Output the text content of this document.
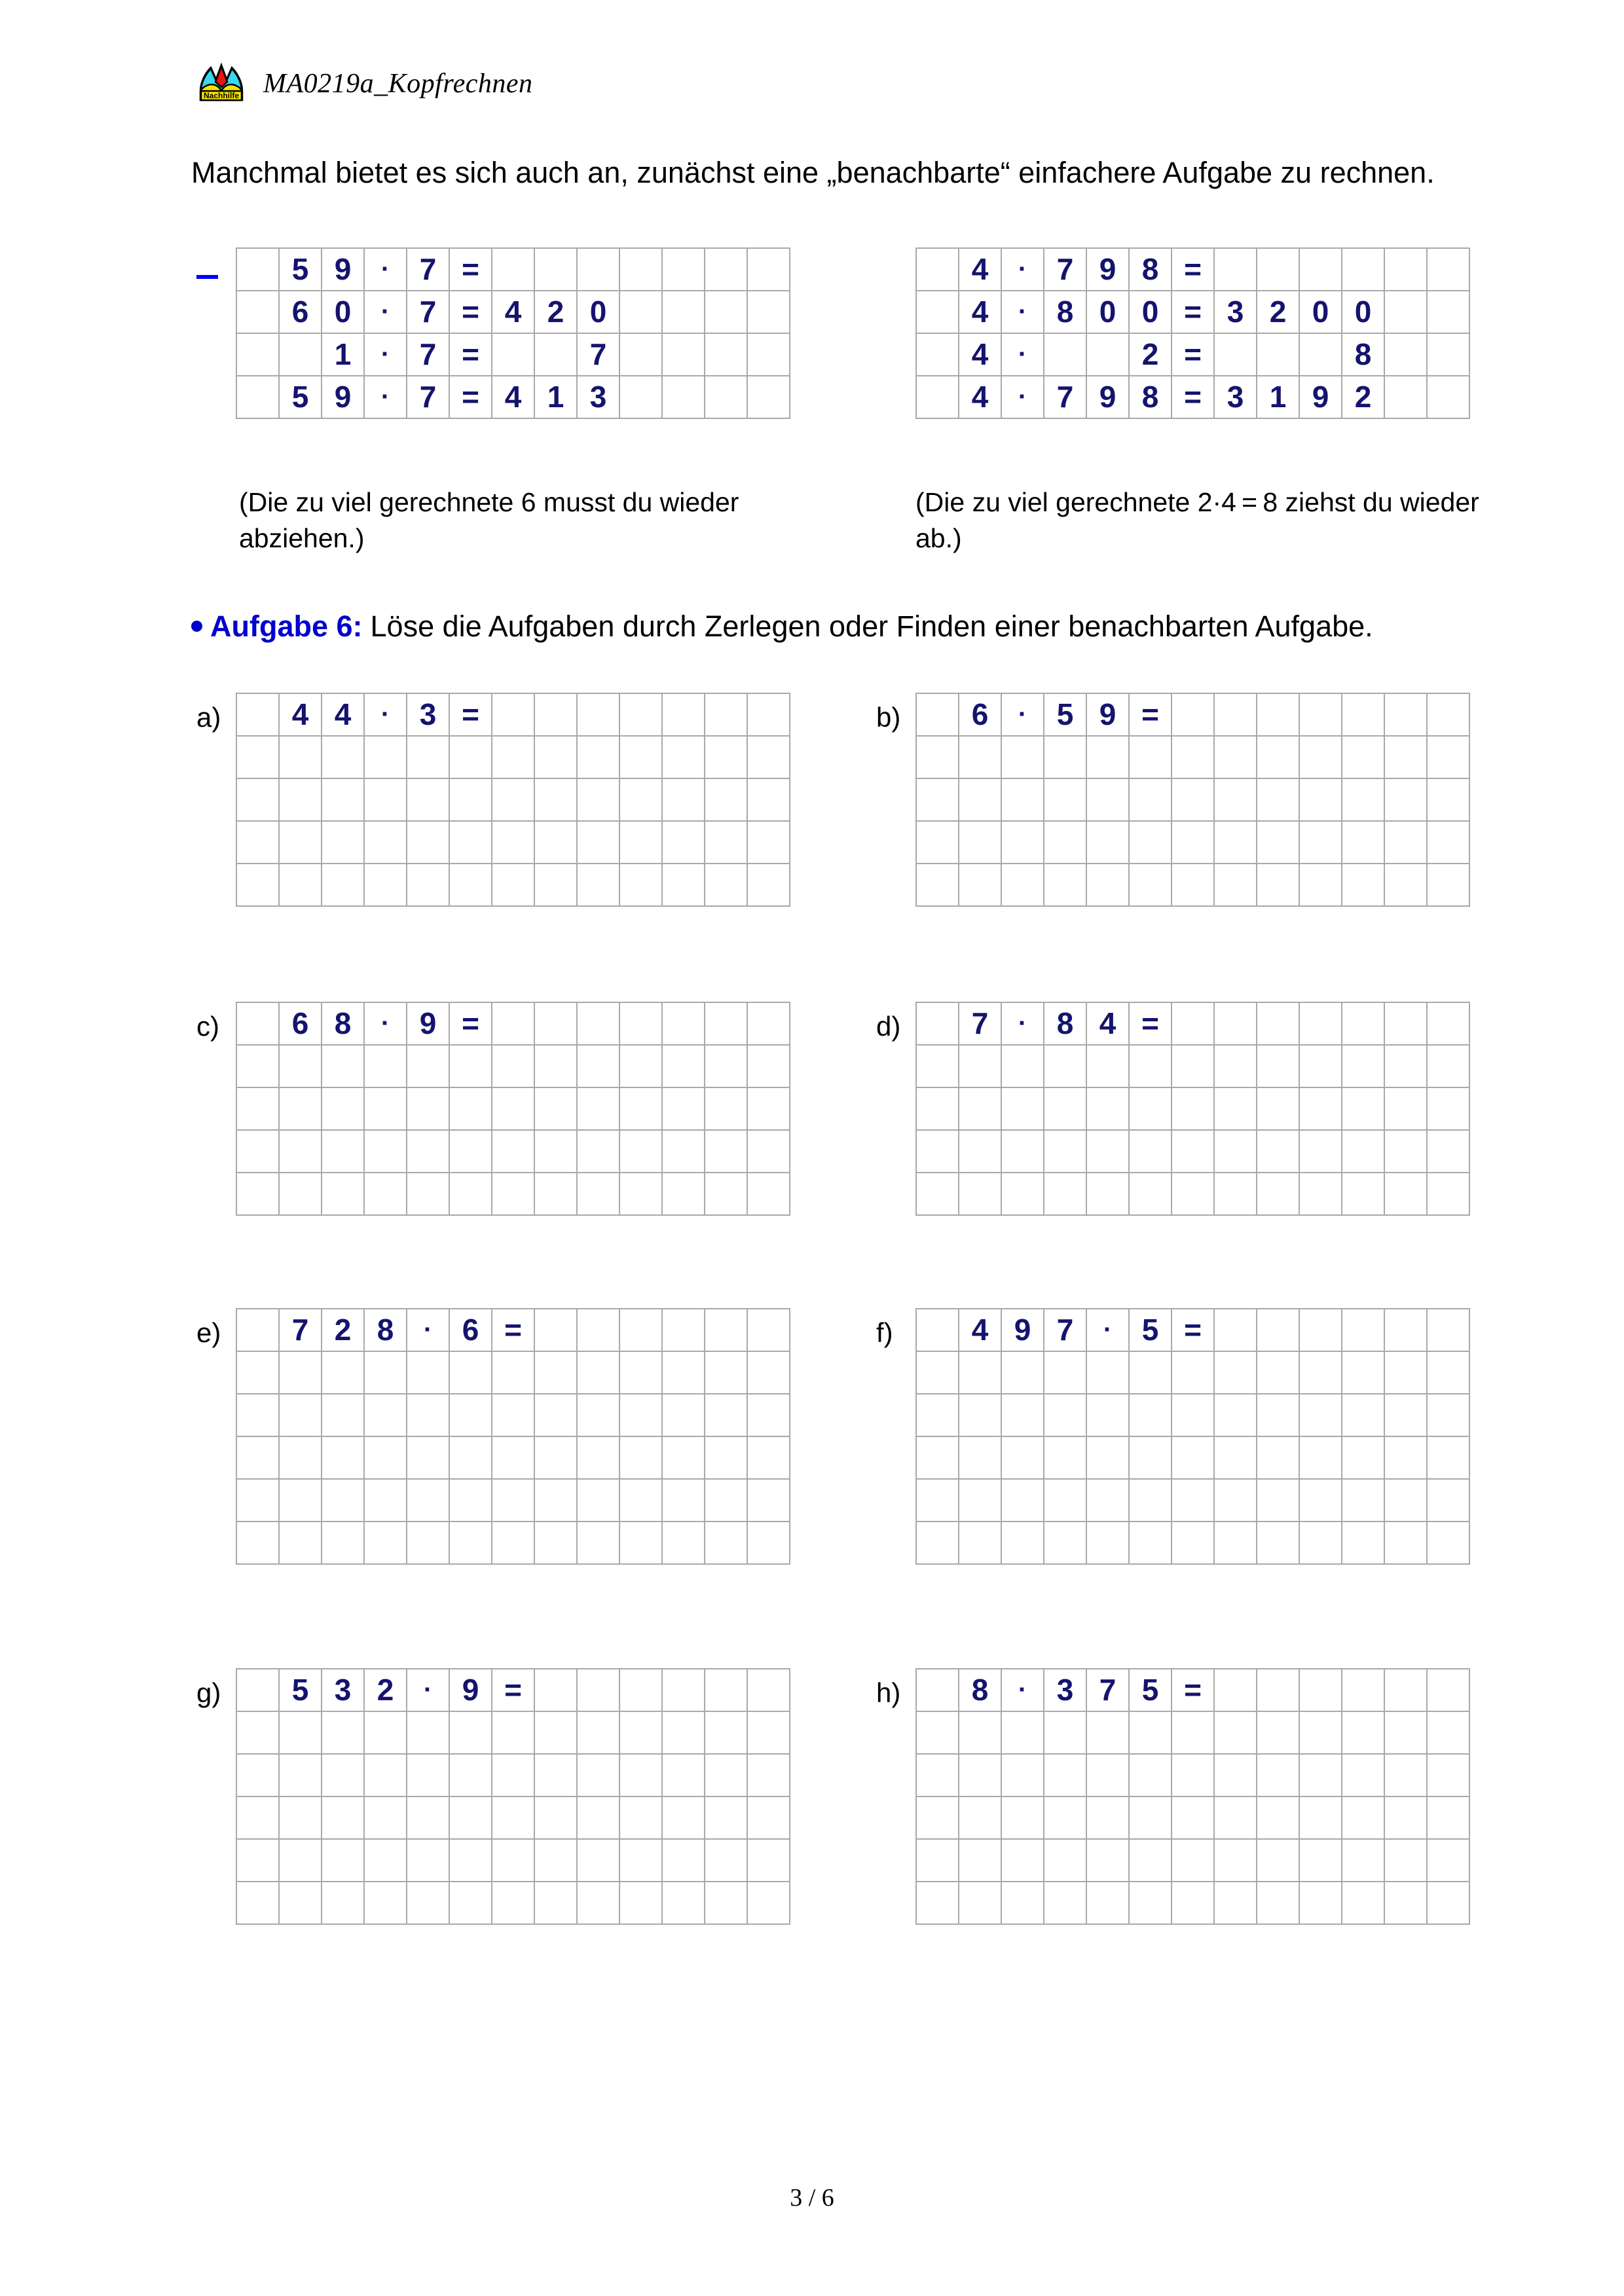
Nachhilfe MA0219a_Kopfrechnen
Manchmal bietet es sich auch an, zunächst eine „benachbarte“ einfachere Aufgabe zu rechnen.
	5	9	·	7	=							
	6	0	·	7	=	4	2	0				
		1	·	7	=			7				
	5	9	·	7	=	4	1	3				
(Die zu viel gerechnete 6 musst du wieder abziehen.)
	4	·	7	9	8	=						
	4	·	8	0	0	=	3	2	0	0		
	4	·			2	=				8		
	4	·	7	9	8	=	3	1	9	2		
(Die zu viel gerechnete 2·4 = 8 ziehst du wieder ab.)
Aufgabe 6: Löse die Aufgaben durch Zerlegen oder Finden einer benachbarten Aufgabe.
a)
		4	4	·	3	=							

													b)
		6	·	5	9	=							

c)
		6	8	·	9	=							

													d)
		7	·	8	4	=							

e)
		7	2	8	·	6	=						

													f)
		4	9	7	·	5	=						

g)
		5	3	2	·	9	=						

													h)
		8	·	3	7	5	=						

3 / 6
